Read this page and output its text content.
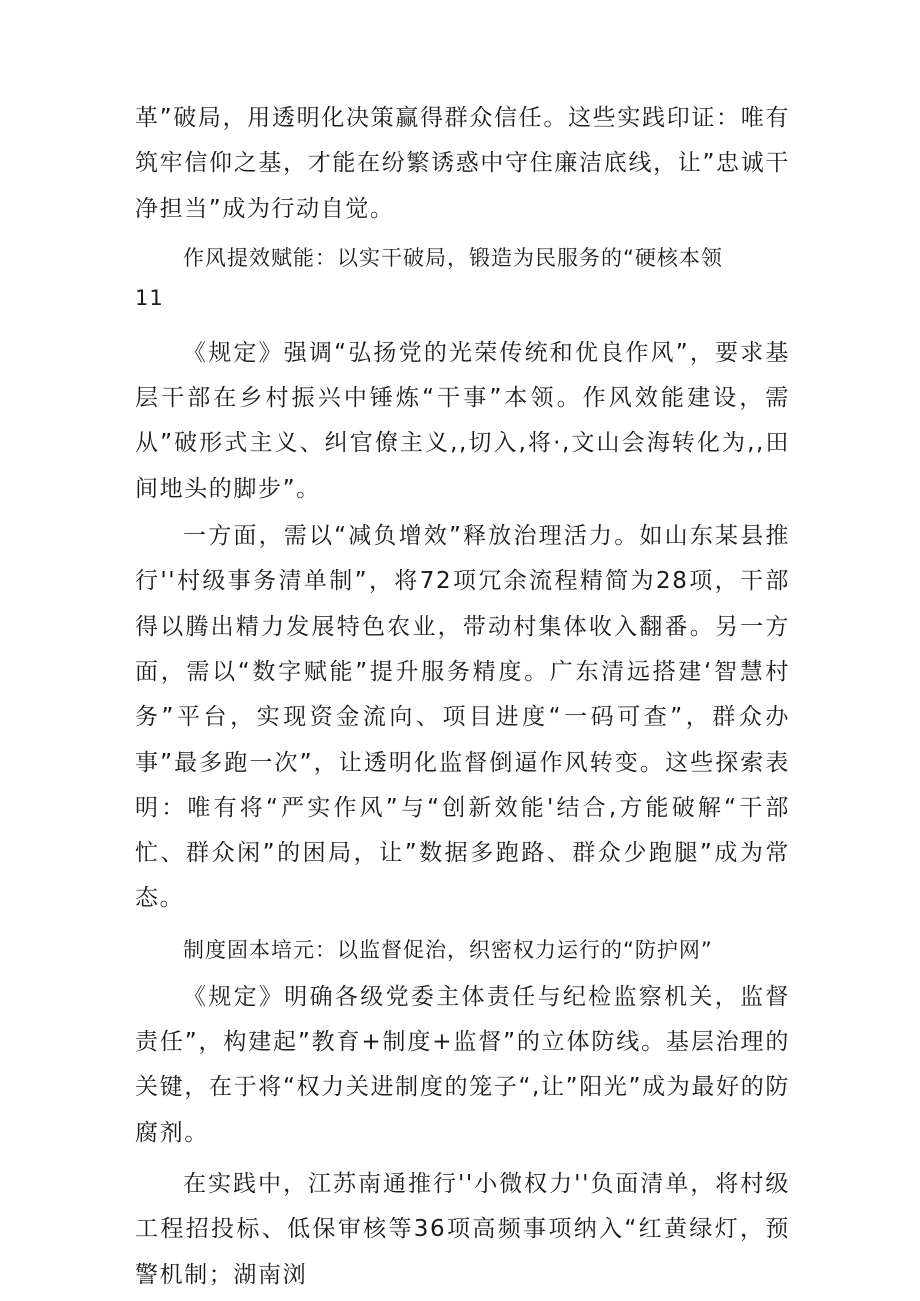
革”破局，用透明化决策赢得群众信任。这些实践印证：唯有筑牢信仰之基，才能在纷繁诱惑中守住廉洁底线，让”忠诚干净担当”成为行动自觉。

作风提效赋能：以实干破局，锻造为民服务的“硬核本领

11

《规定》强调“弘扬党的光荣传统和优良作风”，要求基层干部在乡村振兴中锤炼“干事”本领。作风效能建设，需从”破形式主义、纠官僚主义,,切入,将·,文山会海转化为,,田间地头的脚步”。

一方面，需以“减负增效”释放治理活力。如山东某县推行''村级事务清单制”，将72项冗余流程精简为28项，干部得以腾出精力发展特色农业，带动村集体收入翻番。另一方面，需以“数字赋能”提升服务精度。广东清远搭建‘智慧村务”平台，实现资金流向、项目进度“一码可查”，群众办事”最多跑一次”，让透明化监督倒逼作风转变。这些探索表明：唯有将“严实作风”与“创新效能'结合,方能破解“干部忙、群众闲”的困局，让”数据多跑路、群众少跑腿”成为常态。

制度固本培元：以监督促治，织密权力运行的“防护网”

《规定》明确各级党委主体责任与纪检监察机关，监督责任”，构建起”教育+制度+监督”的立体防线。基层治理的关键，在于将“权力关进制度的笼子“,让”阳光”成为最好的防腐剂。

在实践中，江苏南通推行''小微权力''负面清单，将村级工程招投标、低保审核等36项高频事项纳入“红黄绿灯，预警机制；湖南浏
